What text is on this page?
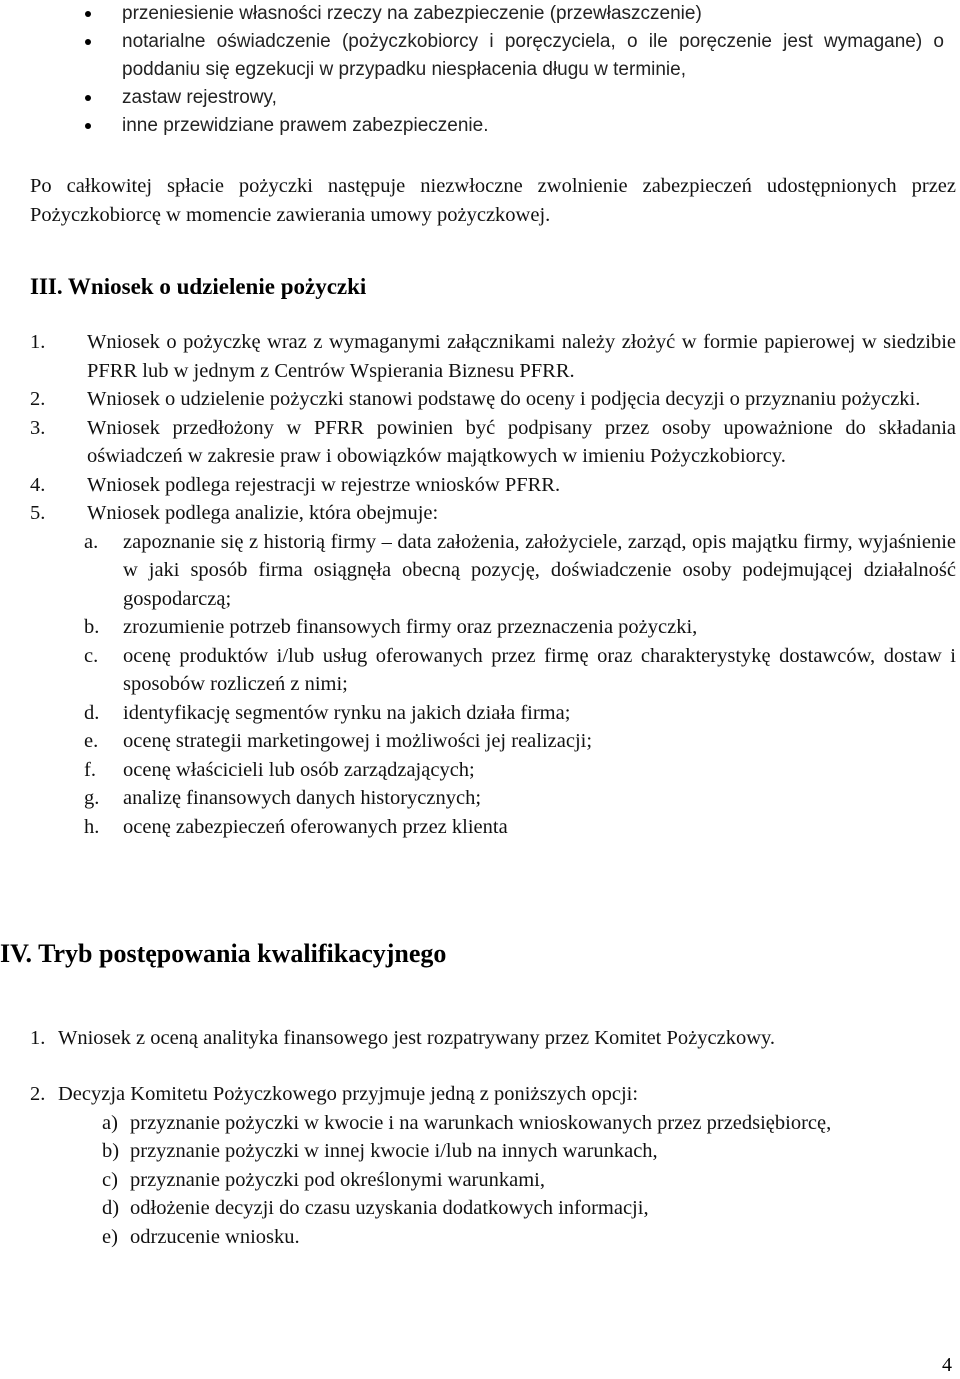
przeniesienie własności rzeczy na zabezpieczenie (przewłaszczenie)
notarialne oświadczenie (pożyczkobiorcy i poręczyciela, o ile poręczenie jest wymagane) o poddaniu się egzekucji w przypadku niespłacenia długu w terminie,
zastaw rejestrowy,
inne przewidziane prawem zabezpieczenie.
Po całkowitej spłacie pożyczki następuje niezwłoczne zwolnienie zabezpieczeń udostępnionych przez Pożyczkobiorcę w momencie zawierania umowy pożyczkowej.
III. Wniosek o udzielenie pożyczki
1. Wniosek o pożyczkę wraz z wymaganymi załącznikami należy złożyć w formie papierowej w siedzibie PFRR lub w jednym z Centrów Wspierania Biznesu PFRR.
2. Wniosek o udzielenie pożyczki stanowi podstawę do oceny i podjęcia decyzji o przyznaniu pożyczki.
3. Wniosek przedłożony w PFRR powinien być podpisany przez osoby upoważnione do składania oświadczeń w zakresie praw i obowiązków majątkowych w imieniu Pożyczkobiorcy.
4. Wniosek podlega rejestracji w rejestrze wniosków PFRR.
5. Wniosek podlega analizie, która obejmuje:
a. zapoznanie się z historią firmy – data założenia, założyciele, zarząd, opis majątku firmy, wyjaśnienie w jaki sposób firma osiągnęła obecną pozycję, doświadczenie osoby podejmującej działalność gospodarczą;
b. zrozumienie potrzeb finansowych firmy oraz przeznaczenia pożyczki,
c. ocenę produktów i/lub usług oferowanych przez firmę oraz charakterystykę dostawców, dostaw i sposobów rozliczeń z nimi;
d. identyfikację segmentów rynku na jakich działa firma;
e. ocenę strategii marketingowej i możliwości jej realizacji;
f. ocenę właścicieli lub osób zarządzających;
g. analizę finansowych danych historycznych;
h. ocenę zabezpieczeń oferowanych przez klienta
IV. Tryb postępowania kwalifikacyjnego
1. Wniosek z oceną analityka finansowego jest rozpatrywany przez Komitet Pożyczkowy.
2. Decyzja Komitetu Pożyczkowego przyjmuje jedną z poniższych opcji:
a) przyznanie pożyczki w kwocie i na warunkach wnioskowanych przez przedsiębiorcę,
b) przyznanie pożyczki w innej kwocie i/lub na innych warunkach,
c) przyznanie pożyczki pod określonymi warunkami,
d) odłożenie decyzji do czasu uzyskania dodatkowych informacji,
e) odrzucenie wniosku.
4
